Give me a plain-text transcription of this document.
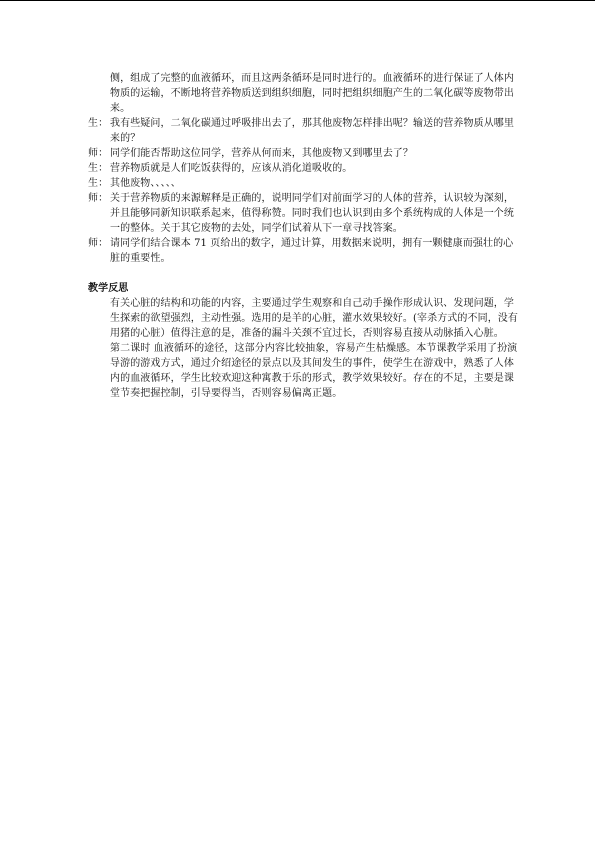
侧，组成了完整的血液循环，而且这两条循环是同时进行的。血液循环的进行保证了人体内物质的运输，不断地将营养物质送到组织细胞，同时把组织细胞产生的二氧化碳等废物带出来。

生： 我有些疑问，二氧化碳通过呼吸排出去了，那其他废物怎样排出呢？输送的营养物质从哪里来的？

师： 同学们能否帮助这位同学，营养从何而来，其他废物又到哪里去了？

生： 营养物质就是人们吃饭获得的，应该从消化道吸收的。

生： 其他废物、、、、、

师： 关于营养物质的来源解释是正确的，说明同学们对前面学习的人体的营养，认识较为深刻，并且能够同新知识联系起来，值得称赞。同时我们也认识到由多个系统构成的人体是一个统一的整体。关于其它废物的去处，同学们试着从下一章寻找答案。

师： 请同学们结合课本 71 页给出的数字，通过计算，用数据来说明，拥有一颗健康而强壮的心脏的重要性。

教学反思

有关心脏的结构和功能的内容，主要通过学生观察和自己动手操作形成认识、发现问题，学生探索的欲望强烈，主动性强。选用的是羊的心脏，灌水效果较好。(宰杀方式的不同，没有用猪的心脏）值得注意的是，准备的漏斗关颈不宜过长，否则容易直接从动脉插入心脏。

第二课时 血液循环的途径，这部分内容比较抽象，容易产生枯燥感。本节课教学采用了扮演导游的游戏方式，通过介绍途径的景点以及其间发生的事件，使学生在游戏中，熟悉了人体内的血液循环，学生比较欢迎这种寓教于乐的形式，教学效果较好。存在的不足，主要是课堂节奏把握控制，引导要得当，否则容易偏离正题。
